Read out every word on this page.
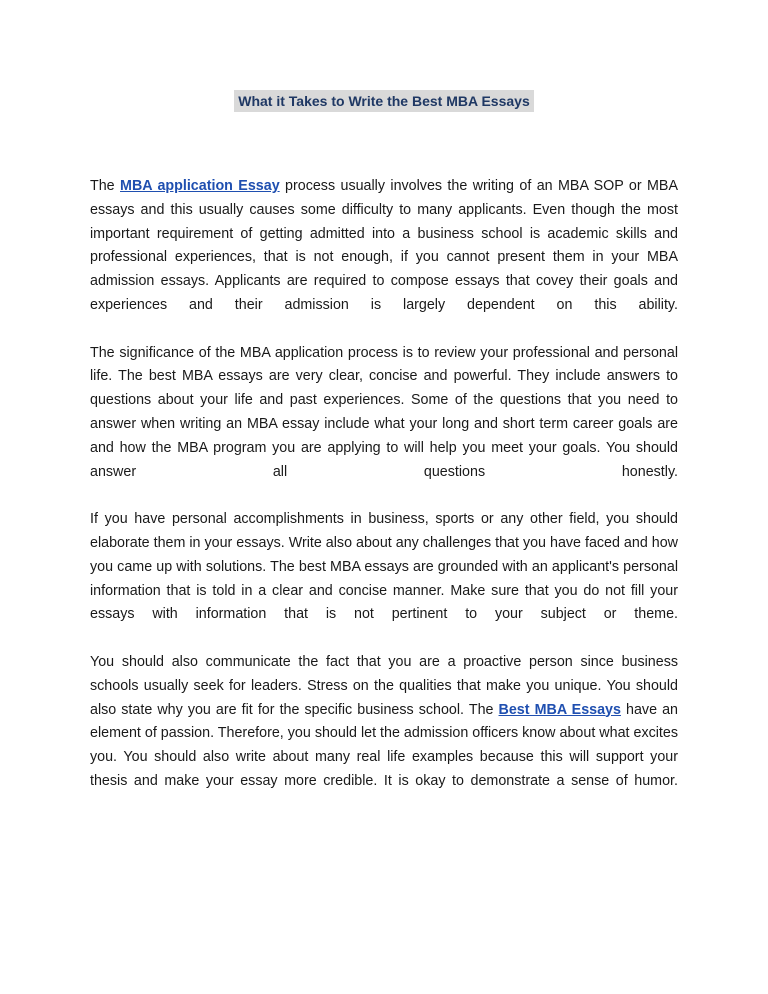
What it Takes to Write the Best MBA Essays

The MBA application Essay process usually involves the writing of an MBA SOP or MBA essays and this usually causes some difficulty to many applicants. Even though the most important requirement of getting admitted into a business school is academic skills and professional experiences, that is not enough, if you cannot present them in your MBA admission essays. Applicants are required to compose essays that covey their goals and experiences and their admission is largely dependent on this ability.

The significance of the MBA application process is to review your professional and personal life. The best MBA essays are very clear, concise and powerful. They include answers to questions about your life and past experiences. Some of the questions that you need to answer when writing an MBA essay include what your long and short term career goals are and how the MBA program you are applying to will help you meet your goals. You should answer all questions honestly.

If you have personal accomplishments in business, sports or any other field, you should elaborate them in your essays. Write also about any challenges that you have faced and how you came up with solutions. The best MBA essays are grounded with an applicant's personal information that is told in a clear and concise manner. Make sure that you do not fill your essays with information that is not pertinent to your subject or theme.

You should also communicate the fact that you are a proactive person since business schools usually seek for leaders. Stress on the qualities that make you unique. You should also state why you are fit for the specific business school. The Best MBA Essays have an element of passion. Therefore, you should let the admission officers know about what excites you. You should also write about many real life examples because this will support your thesis and make your essay more credible. It is okay to demonstrate a sense of humor.
